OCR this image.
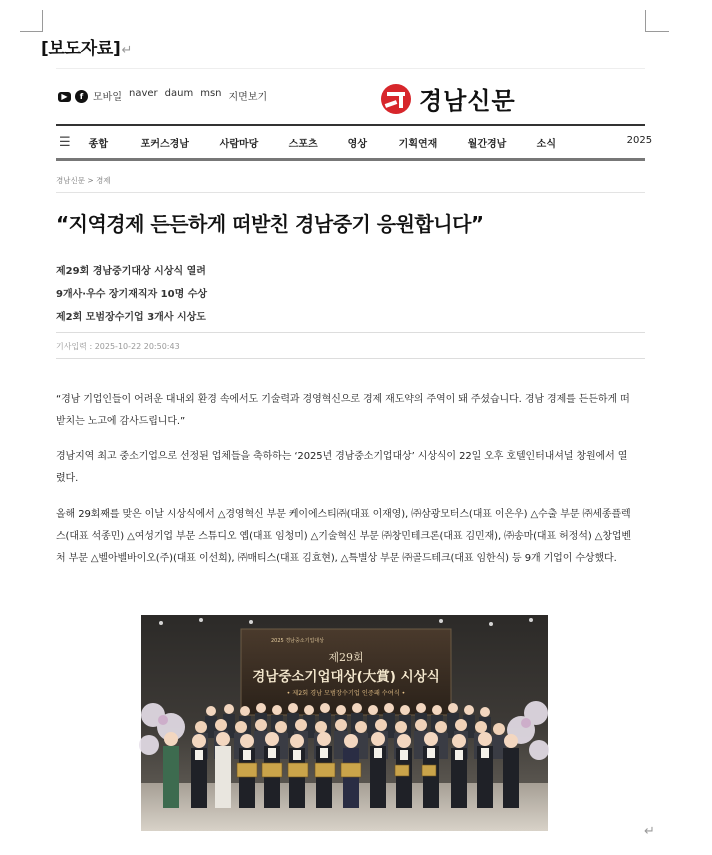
[보도자료]↵
▶	f 모바일 naver daum msn 지면보기	경남신문
☰ 종합	포커스경남	사람마당	스포츠	영상	기획연재	월간경남	소식	2025
경남신문 > 경제
“지역경제 든든하게 떠받친 경남중기 응원합니다”
제29회 경남중기대상 시상식 열려
9개사·우수 장기재직자 10명 수상
제2회 모범장수기업 3개사 시상도
기사입력 : 2025-10-22 20:50:43
“경남 기업인들이 어려운 대내외 환경 속에서도 기술력과 경영혁신으로 경제 재도약의 주역이 돼 주셨습니다. 경남 경제를 든든하게 떠받치는 노고에 감사드립니다.”
경남지역 최고 중소기업으로 선정된 업체들을 축하하는 ‘2025년 경남중소기업대상’ 시상식이 22일 오후 호텔인터내셔널 창원에서 열렸다.
올해 29회째를 맞은 이날 시상식에서 △경영혁신 부문 케이에스티㈜(대표 이재영), ㈜삼광모터스(대표 이은우) △수출 부문 ㈜세종플렉스(대표 석종민) △여성기업 부문 스튜디오 옙(대표 임청미) △기술혁신 부문 ㈜창민테크론(대표 김민재), ㈜송마(대표 허정석) △창업벤처 부문 △벨아벨바이오(주)(대표 이선희), ㈜매티스(대표 김효현), △특별상 부문 ㈜골드테크(대표 임한식) 등 9개 기업이 수상했다.
2025 경남중소기업대상
제29회
경남중소기업대상(大賞) 시상식
• 제2회 경남 모범장수기업 인증패 수여식 •
↵
